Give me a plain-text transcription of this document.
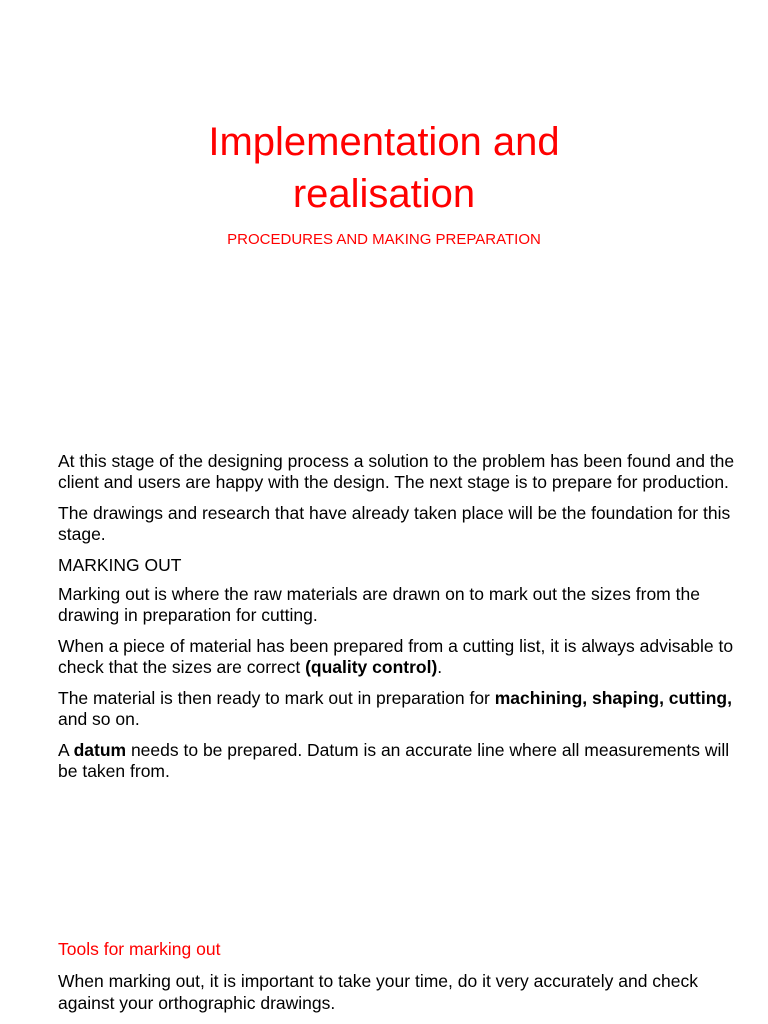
Implementation and
realisation

PROCEDURES AND MAKING PREPARATION

At this stage of the designing process a solution to the problem has been found and the client and users are happy with the design. The next stage is to prepare for production.

The drawings and research that have already taken place will be the foundation for this stage.

MARKING OUT

Marking out is where the raw materials are drawn on to mark out the sizes from the drawing in preparation for cutting.

When a piece of material has been prepared from a cutting list, it is always advisable to check that the sizes are correct (quality control).

The material is then ready to mark out in preparation for machining, shaping, cutting, and so on.

A datum needs to be prepared. Datum is an accurate line where all measurements will be taken from.

Tools for marking out

When marking out, it is important to take your time, do it very accurately and check against your orthographic drawings.
